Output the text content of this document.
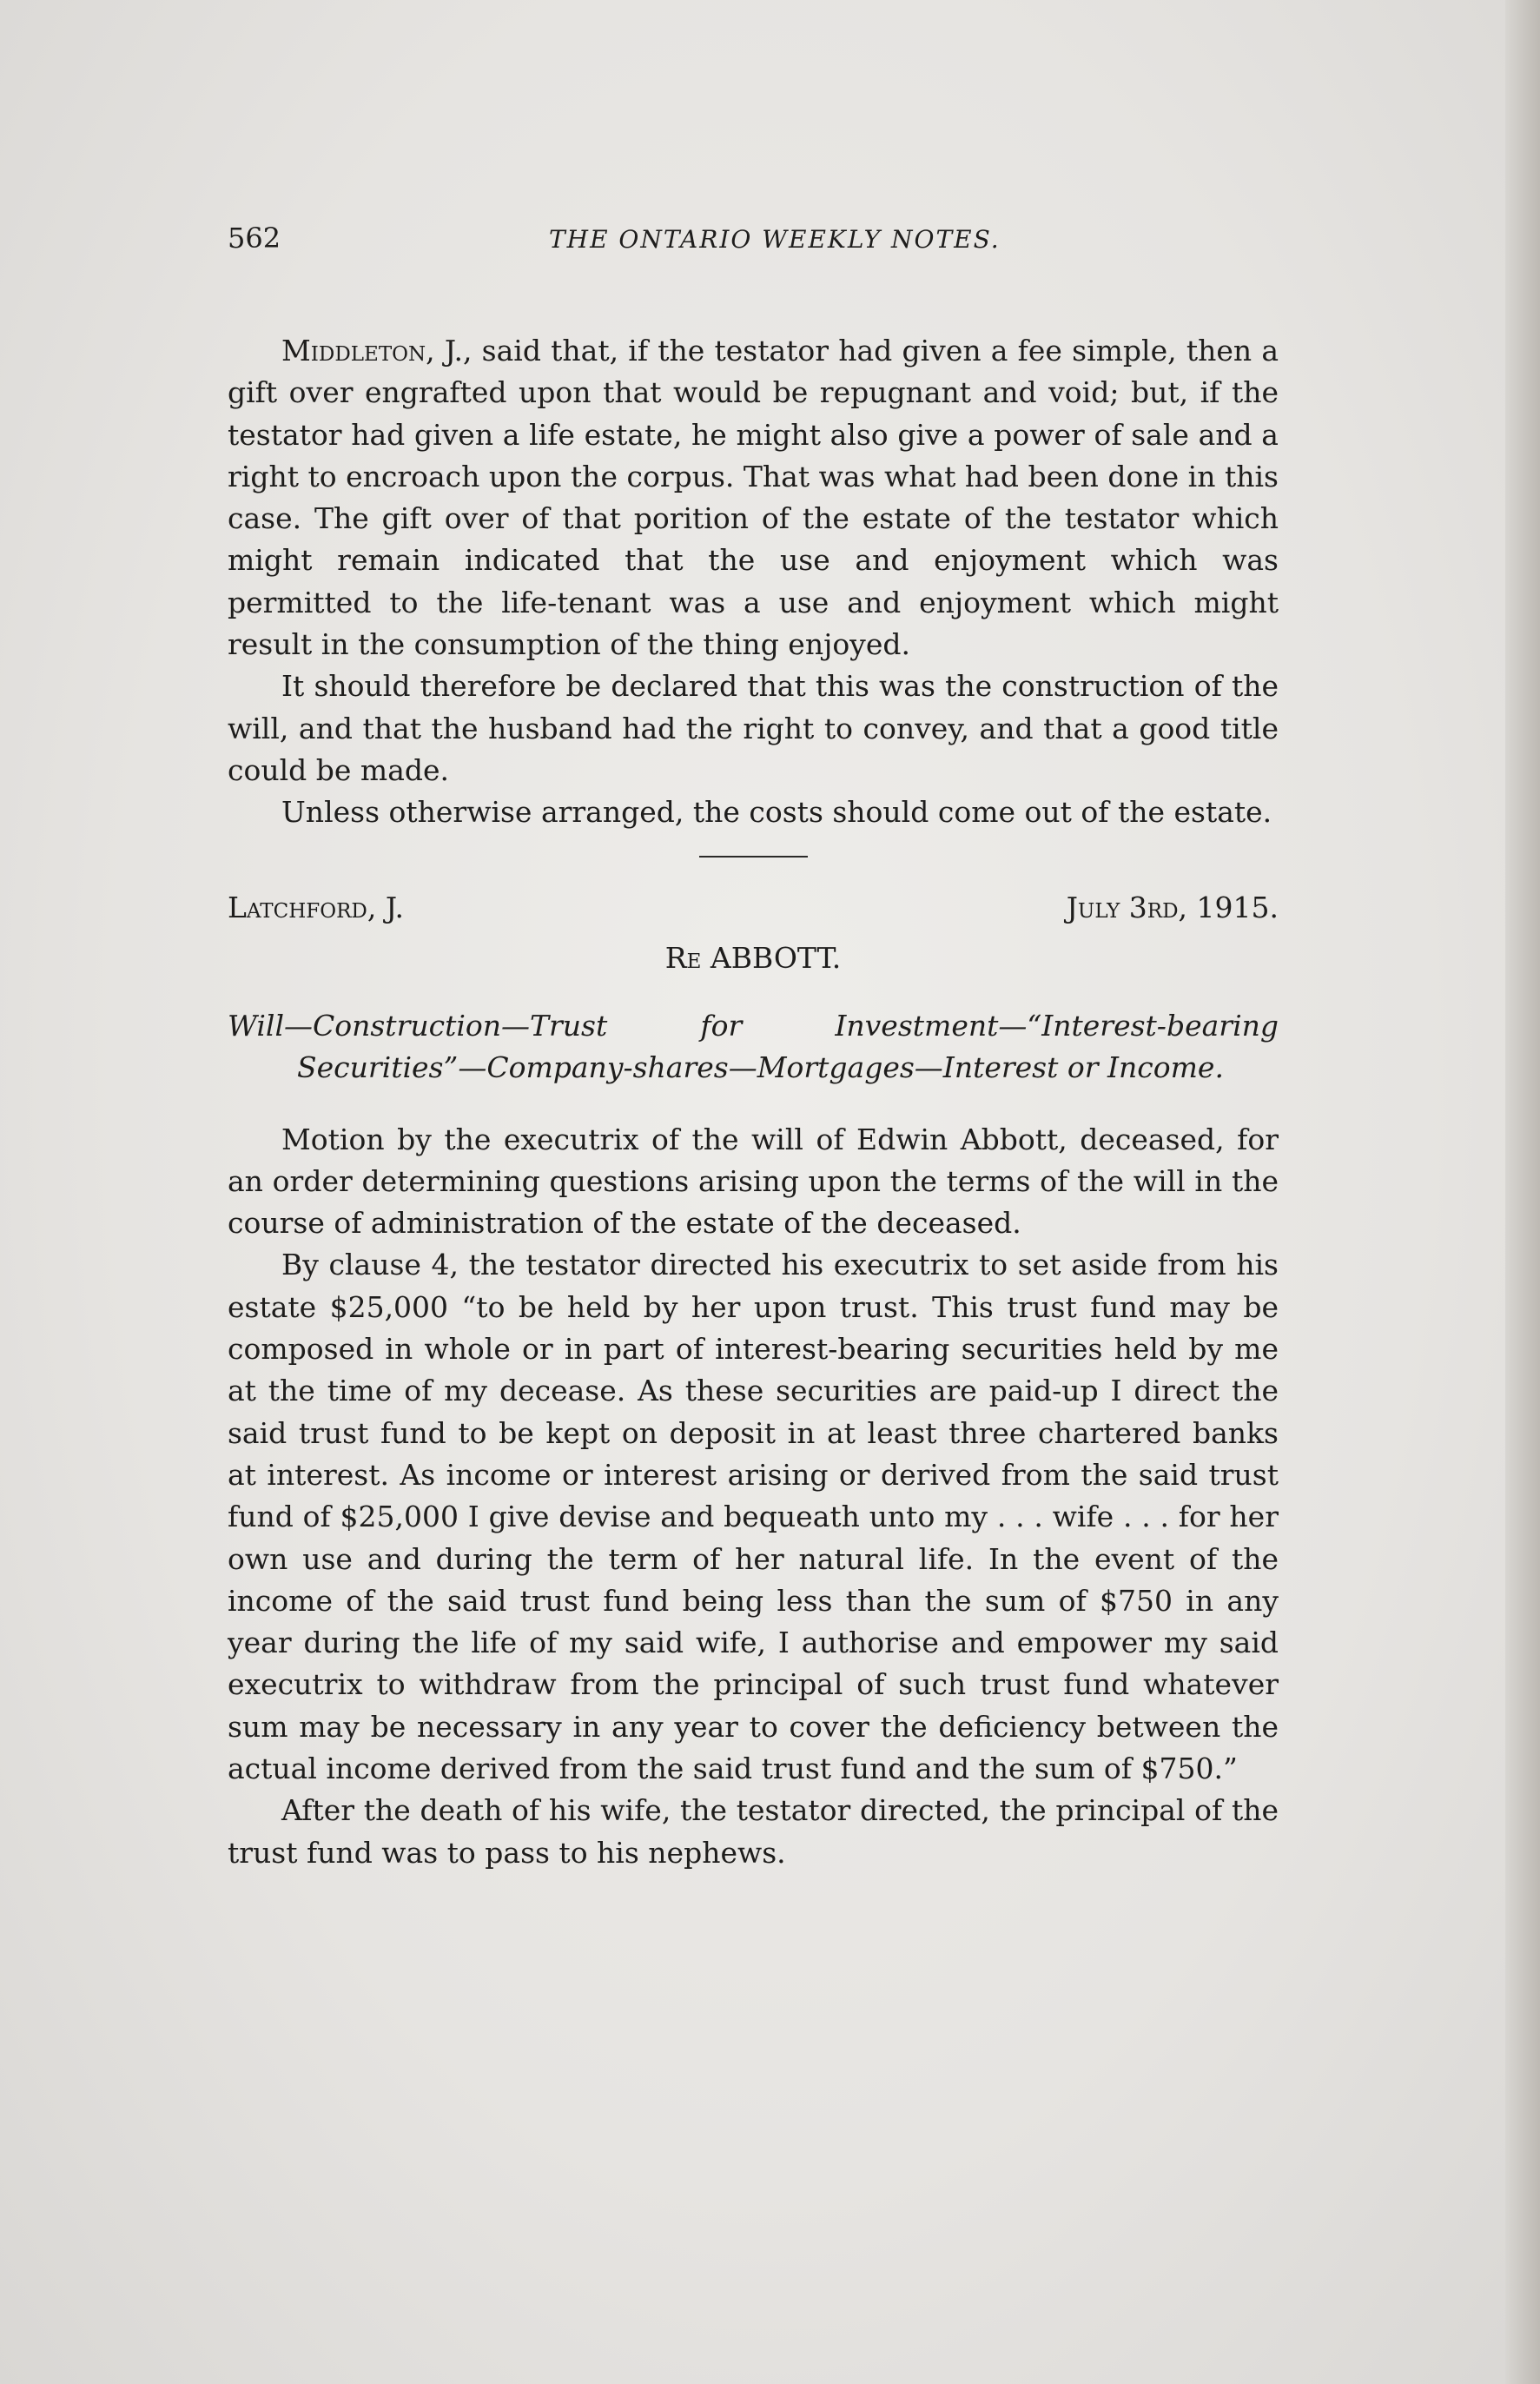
562	THE ONTARIO WEEKLY NOTES.

Middleton, J., said that, if the testator had given a fee simple, then a gift over engrafted upon that would be repugnant and void; but, if the testator had given a life estate, he might also give a power of sale and a right to encroach upon the corpus. That was what had been done in this case. The gift over of that porition of the estate of the testator which might remain indicated that the use and enjoyment which was permitted to the life-tenant was a use and enjoyment which might result in the consumption of the thing enjoyed.

It should therefore be declared that this was the construction of the will, and that the husband had the right to convey, and that a good title could be made.

Unless otherwise arranged, the costs should come out of the estate.

Latchford, J.	July 3rd, 1915.
Re ABBOTT.

Will—Construction—Trust for Investment—“Interest-bearing Securities”—Company-shares—Mortgages—Interest or Income.

Motion by the executrix of the will of Edwin Abbott, deceased, for an order determining questions arising upon the terms of the will in the course of administration of the estate of the deceased.

By clause 4, the testator directed his executrix to set aside from his estate $25,000 “to be held by her upon trust. This trust fund may be composed in whole or in part of interest-bearing securities held by me at the time of my decease. As these securities are paid-up I direct the said trust fund to be kept on deposit in at least three chartered banks at interest. As income or interest arising or derived from the said trust fund of $25,000 I give devise and bequeath unto my . . . wife . . . for her own use and during the term of her natural life. In the event of the income of the said trust fund being less than the sum of $750 in any year during the life of my said wife, I authorise and empower my said executrix to withdraw from the principal of such trust fund whatever sum may be necessary in any year to cover the deficiency between the actual income derived from the said trust fund and the sum of $750.”

After the death of his wife, the testator directed, the principal of the trust fund was to pass to his nephews.
